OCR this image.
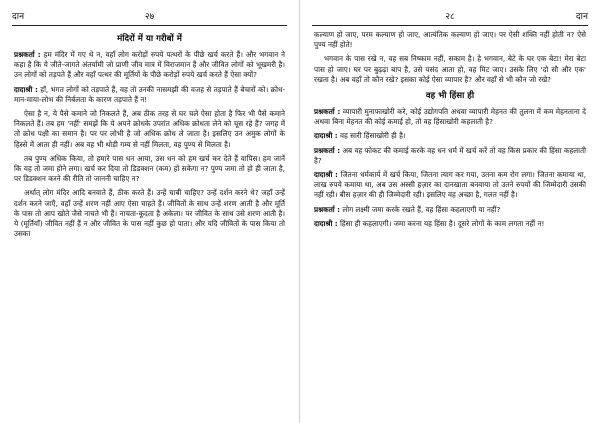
दान	२७
मंदिरों में या गरीबों में

प्रश्नकर्ता : हम मंदिर में गए थे न, वहाँ लोग करोड़ों रुपये पत्थरों के पीछे खर्च करते हैं। और भगवान ने कहा है कि ये जीते-जागते अंतर्यामी जो प्राणी जीव मात्र में विराजमान हैं और जीवित लोगों को भूखमरी है। उन लोगों को तड़पते हैं और वहाँ पत्थर की मूर्तियों के पीछे करोड़ों रुपये खर्च करते हैं ऐसा क्यों?

दादाश्री : हाँ, भगत लोगों को तड़पाते हैं, वह तो उनकी नासमझी की वजह से तड़पाते हैं बेचारों को। क्रोध-मान-माया-लोभ की निर्बलता के कारण तड़पाते हैं न!

ऐसा है न, ये पैसे कमाने जो निकलते हैं, अब ठीक तरह से घर चले ऐसा होता है फिर भी पैसे कमाने निकलते हैं। तब हम 'नहीं' समझें कि ये अपने क्रोधके उपरांत अधिक क्रोधता लेने को चूस रहे हैं? जगह में तो क्रोध पक्षी का समान है। पर पर लोभी है जो अधिक क्रोध ले जाता है। इसलिए उन अमुक लोगों के हिस्से में आता ही नहीं। अब वह भी थोड़ी गम्य से नहीं मिलता, वह पुण्य से मिलता है।

तब पुण्य अधिक किया, तो हमारे पास धन आया, उस धन को हम खर्च कर देते हैं वापिस। हम जानें कि यह तो जमा होने लगा। खर्च कर दिया तो डिडक्शन (कम) हो सकेगा न? पुण्य जमा तो हो ही जाता है, पर डिडक्शन करने की रीति तो जाननी चाहिए न?

अर्थात् लोग मंदिर आदि बनवाते हैं, ठीक करते हैं। उन्हें चाबी चाहिए? उन्हें दर्शन करने थे? जहाँ उन्हें दर्शन करने जाएँ, वहाँ उन्हें शरण नहीं आए ऐसा चाहते हैं। जीवितों के साथ उन्हें शरण आती है और मूर्ति के पास तो आप खोते जैसे नाचते भी हैं। नाचता-कूदता है अकेला। पर जीवित के साथ उसे शरण आती है। ये (मूर्तियाँ) जीवित नहीं हैं न और जीवित के पास नहीं कुछ हो पाता। और यदि जीवितों के पास किया तो उसका

२८	दान

कल्याण हो जाए, परम कल्याण हो जाए, आत्यंतिक कल्याण हो जाए। पर ऐसी शक्ति नहीं होती न? ऐसे पुण्य नहीं होते!

भगवान के पास रखे न, वह सब निष्काम नहीं, सकाम है। हे भगवान, बेटे के घर एक बेटा! मेरा बेटा पास हो जाए। घर पर बुढ़ढ़ा बाप है, उसे पसंद आता हो, वह मिट जाए। उसके लिए 'दो सौ और एक' रखता है। अब वहाँ तो कौन रखे? इसका कोई ऐसा व्यापार है? और वहाँ से भी कौन जो रखे?

वह भी हिंसा ही

प्रश्नकर्ता : व्यापारी मुनाफाखोरी करे, कोई उद्योगपति अथवा व्यापारी मेहनत की तुलना में कम मेहनताना दे अथवा बिना मेहनत की कोई कमाई हो, तो वह हिंसाखोरी कहलाती है?

दादाश्री : वह सारी हिंसाखोरी ही है।

प्रश्नकर्ता : अब वह फोकट की कमाई करके वह धन धर्म में खर्च करें तो वह किस प्रकार की हिंसा कहलाती है?

दादाश्री : जितना धर्मकार्य में खर्च किया, जितना त्याग कर गया, उतना कम रोग लगा। जितना कमाया था, लाख रुपये कमाया था, अब उस अस्सी हज़ार का दानखाता बनवाया तो उतने रुपयों की जिम्मेदारी उसकी नहीं रही। बीस हज़ार की ही जिम्मेदारी रही। इसलिए वह अच्छा है, गलत नहीं है।

प्रश्नकर्ता : लोग लक्ष्मी जमा करके रखते हैं, वह हिंसा कहलाएगी या नहीं?

दादाश्री : हिंसा ही कहलाएगी। जमा करना यह हिंसा है। दूसरे लोगों के काम लगता नहीं न!
